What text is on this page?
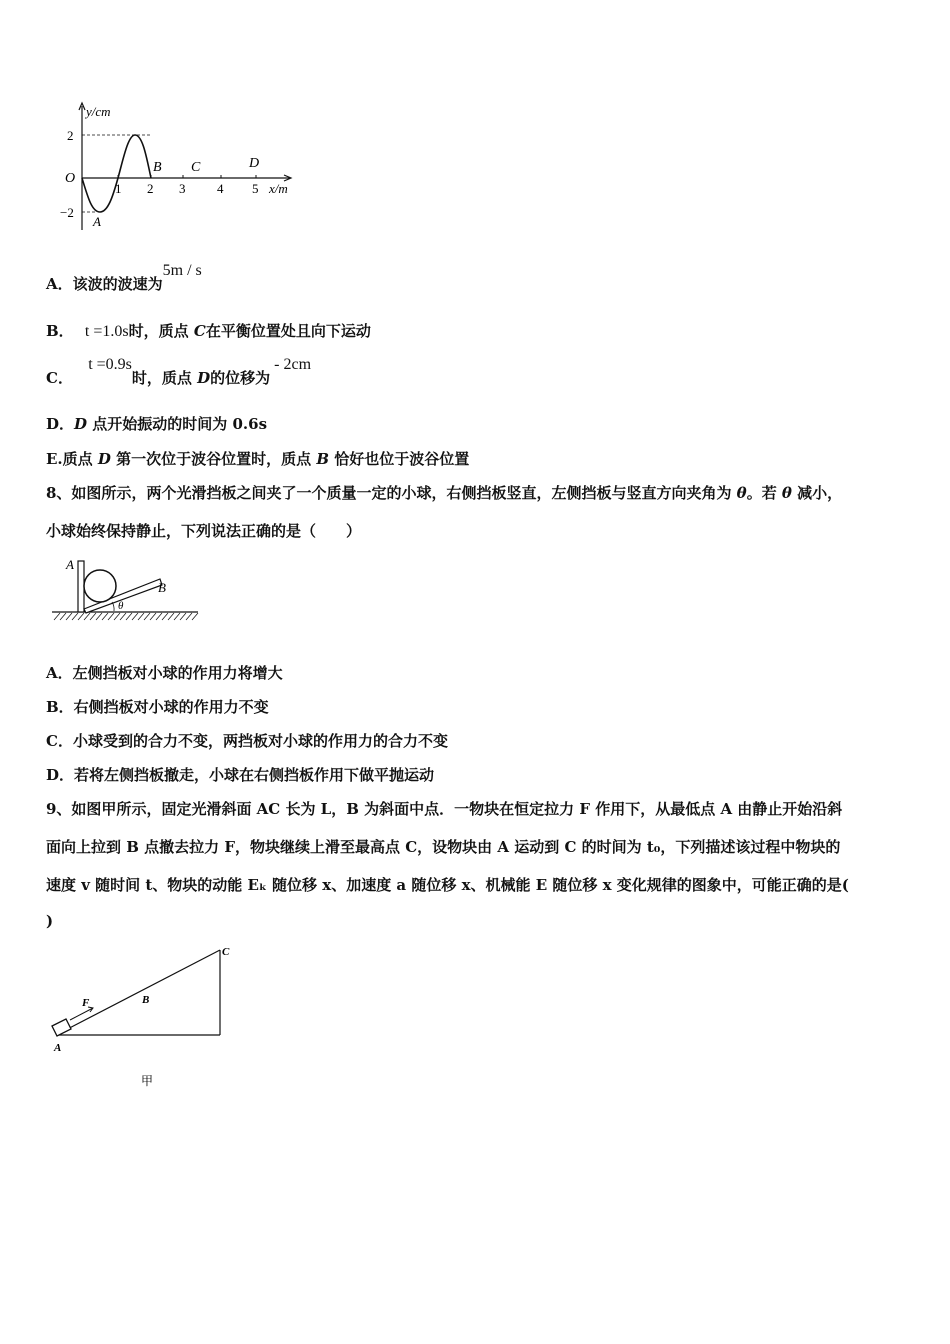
y/cm
O
2
−2
1 2 3 4 5 x/m
A
B C	D
A．该波的波速为5m / s
B． t =1.0s时，质点 C在平衡位置处且向下运动
C． t =0.9s时，质点 D的位移为- 2cm
D．D 点开始振动的时间为 0.6s
E.质点 D 第一次位于波谷位置时，质点 B 恰好也位于波谷位置
8、如图所示，两个光滑挡板之间夹了一个质量一定的小球，右侧挡板竖直，左侧挡板与竖直方向夹角为 θ。若 θ 减小，
小球始终保持静止，下列说法正确的是（　　）
A
B
θ
A．左侧挡板对小球的作用力将增大
B．右侧挡板对小球的作用力不变
C．小球受到的合力不变，两挡板对小球的作用力的合力不变
D．若将左侧挡板撤走，小球在右侧挡板作用下做平抛运动
9、如图甲所示，固定光滑斜面 AC 长为 L，B 为斜面中点．一物块在恒定拉力 F 作用下，从最低点 A 由静止开始沿斜
面向上拉到 B 点撤去拉力 F，物块继续上滑至最高点 C，设物块由 A 运动到 C 的时间为 t₀，下列描述该过程中物块的
速度 v 随时间 t、物块的动能 Eₖ 随位移 x、加速度 a 随位移 x、机械能 E 随位移 x 变化规律的图象中，可能正确的是(
)
F	B
C
A
甲
